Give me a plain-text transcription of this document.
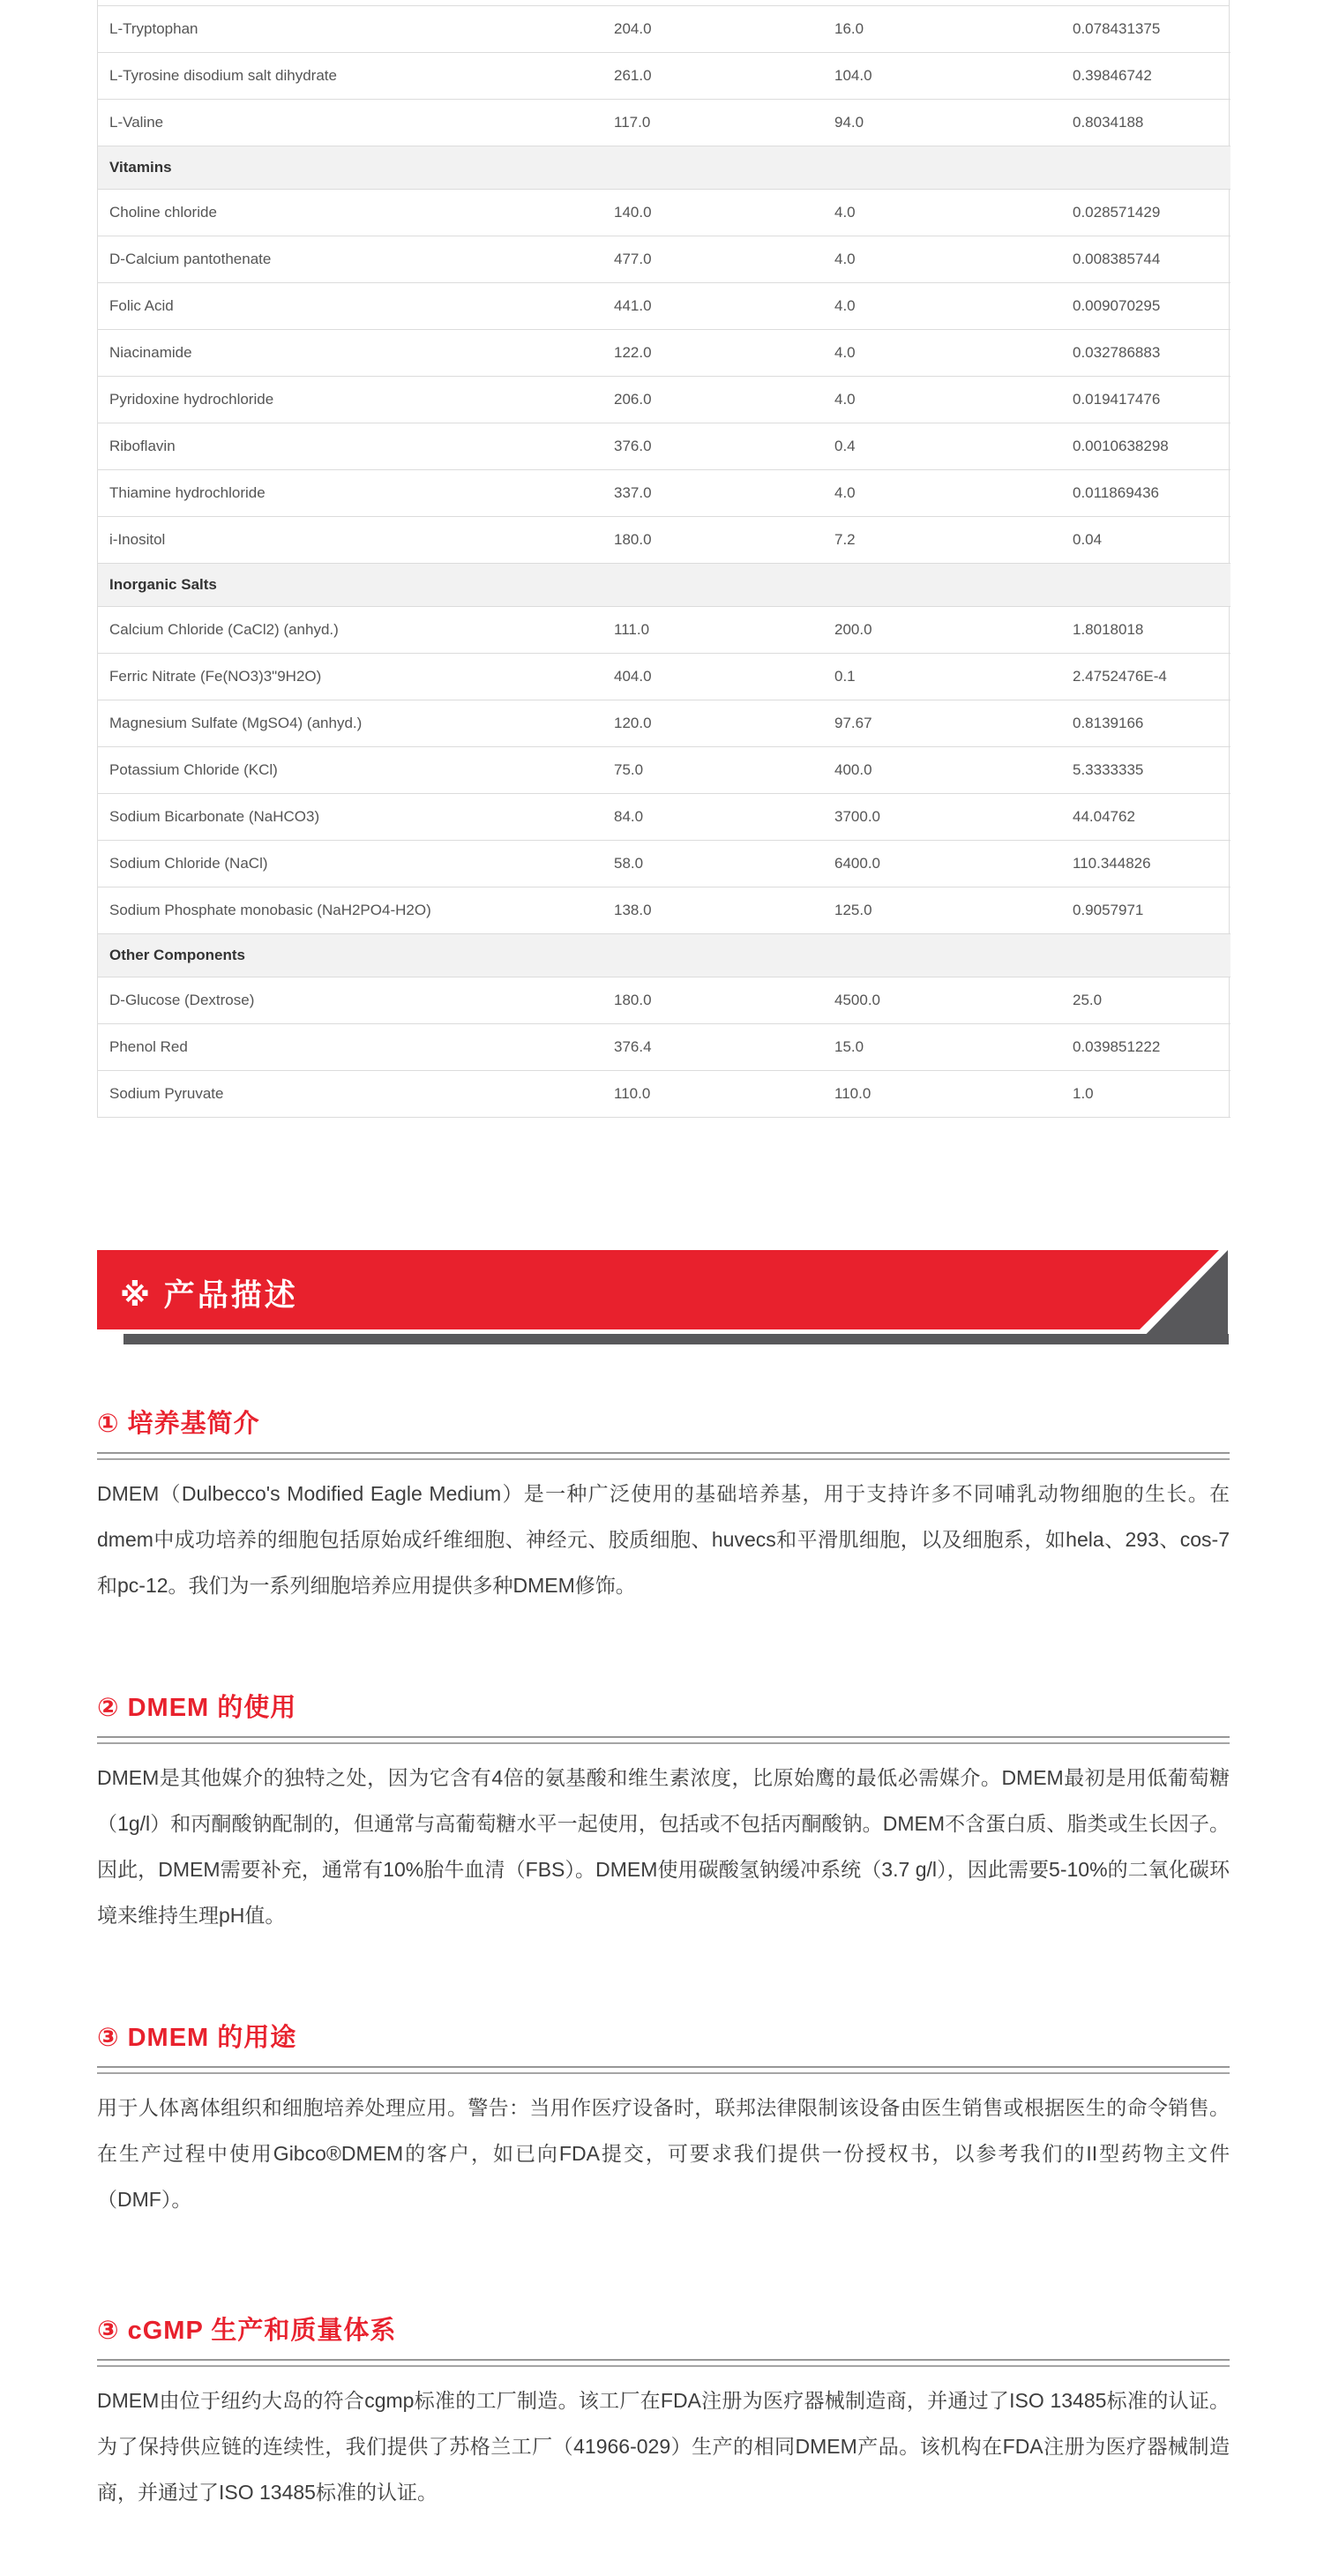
L-Tryptophan	204.0	16.0	0.078431375
L-Tyrosine disodium salt dihydrate	261.0	104.0	0.39846742
L-Valine	117.0	94.0	0.8034188
Vitamins			
Choline chloride	140.0	4.0	0.028571429
D-Calcium pantothenate	477.0	4.0	0.008385744
Folic Acid	441.0	4.0	0.009070295
Niacinamide	122.0	4.0	0.032786883
Pyridoxine hydrochloride	206.0	4.0	0.019417476
Riboflavin	376.0	0.4	0.0010638298
Thiamine hydrochloride	337.0	4.0	0.011869436
i-Inositol	180.0	7.2	0.04
Inorganic Salts			
Calcium Chloride (CaCl2) (anhyd.)	111.0	200.0	1.8018018
Ferric Nitrate (Fe(NO3)3"9H2O)	404.0	0.1	2.4752476E-4
Magnesium Sulfate (MgSO4) (anhyd.)	120.0	97.67	0.8139166
Potassium Chloride (KCl)	75.0	400.0	5.3333335
Sodium Bicarbonate (NaHCO3)	84.0	3700.0	44.04762
Sodium Chloride (NaCl)	58.0	6400.0	110.344826
Sodium Phosphate monobasic (NaH2PO4-H2O)	138.0	125.0	0.9057971
Other Components			
D-Glucose (Dextrose)	180.0	4500.0	25.0
Phenol Red	376.4	15.0	0.039851222
Sodium Pyruvate	110.0	110.0	1.0
※ 产品描述
① 培养基简介

DMEM（Dulbecco's Modified Eagle Medium）是一种广泛使用的基础培养基，用于支持许多不同哺乳动物细胞的生长。在dmem中成功培养的细胞包括原始成纤维细胞、神经元、胶质细胞、huvecs和平滑肌细胞，以及细胞系，如hela、293、cos-7和pc-12。我们为一系列细胞培养应用提供多种DMEM修饰。

② DMEM 的使用

DMEM是其他媒介的独特之处，因为它含有4倍的氨基酸和维生素浓度，比原始鹰的最低必需媒介。DMEM最初是用低葡萄糖（1g/l）和丙酮酸钠配制的，但通常与高葡萄糖水平一起使用，包括或不包括丙酮酸钠。DMEM不含蛋白质、脂类或生长因子。因此，DMEM需要补充，通常有10%胎牛血清（FBS）。DMEM使用碳酸氢钠缓冲系统（3.7 g/l），因此需要5-10%的二氧化碳环境来维持生理pH值。

③ DMEM 的用途

用于人体离体组织和细胞培养处理应用。警告：当用作医疗设备时，联邦法律限制该设备由医生销售或根据医生的命令销售。在生产过程中使用Gibco®DMEM的客户，如已向FDA提交，可要求我们提供一份授权书，以参考我们的II型药物主文件（DMF）。

③ cGMP 生产和质量体系

DMEM由位于纽约大岛的符合cgmp标准的工厂制造。该工厂在FDA注册为医疗器械制造商，并通过了ISO 13485标准的认证。为了保持供应链的连续性，我们提供了苏格兰工厂（41966-029）生产的相同DMEM产品。该机构在FDA注册为医疗器械制造商，并通过了ISO 13485标准的认证。
